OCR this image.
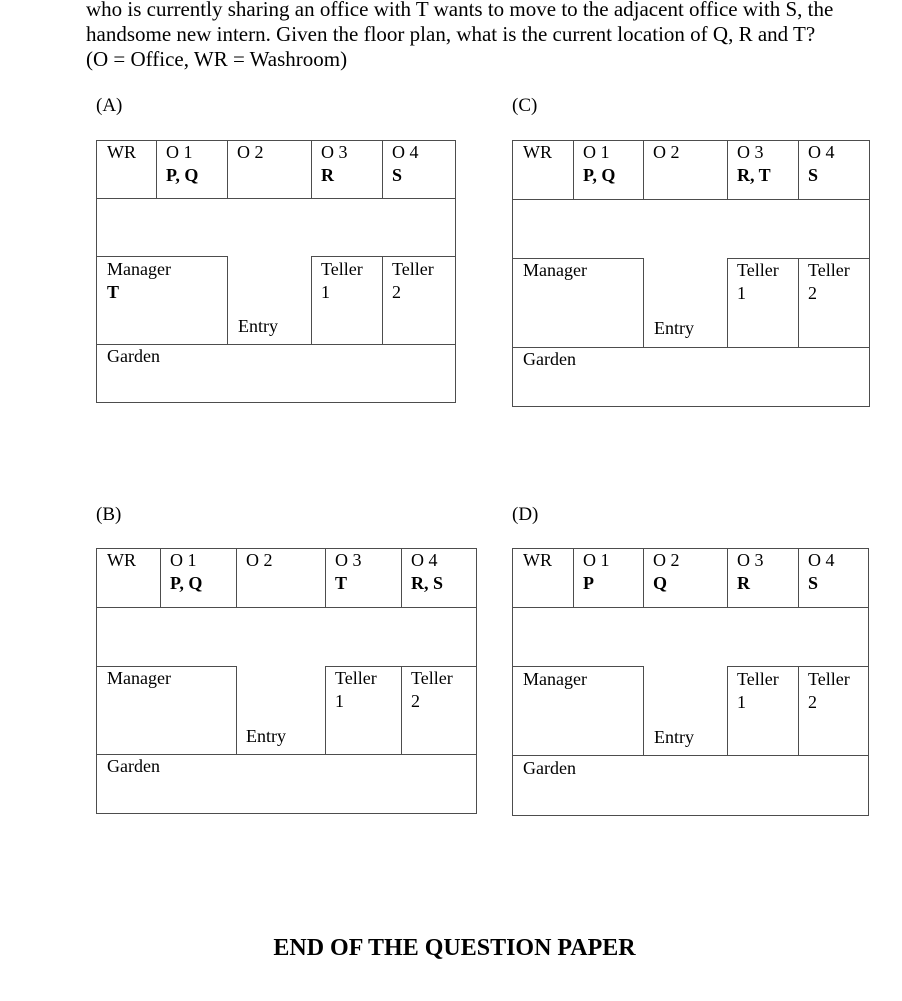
who is currently sharing an office with T wants to move to the adjacent office with S, the

handsome new intern. Given the floor plan, what is the current location of Q, R and T?

(O = Office, WR = Washroom)

(A)
WR	O 1
P, Q
O 2	O 3
R
O 4
S
Manager
T
Entry
Teller
1
Teller
2
Garden
(C)
WR	O 1
P, Q
O 2	O 3
R, T
O 4
S
Manager
Entry
Teller
1
Teller
2
Garden
(B)
WR	O 1
P, Q
O 2	O 3
T
O 4
R, S
Manager
Entry
Teller
1
Teller
2
Garden
(D)
WR	O 1
P
O 2
Q
O 3
R
O 4
S
Manager
Entry
Teller
1
Teller
2
Garden
END OF THE QUESTION PAPER
